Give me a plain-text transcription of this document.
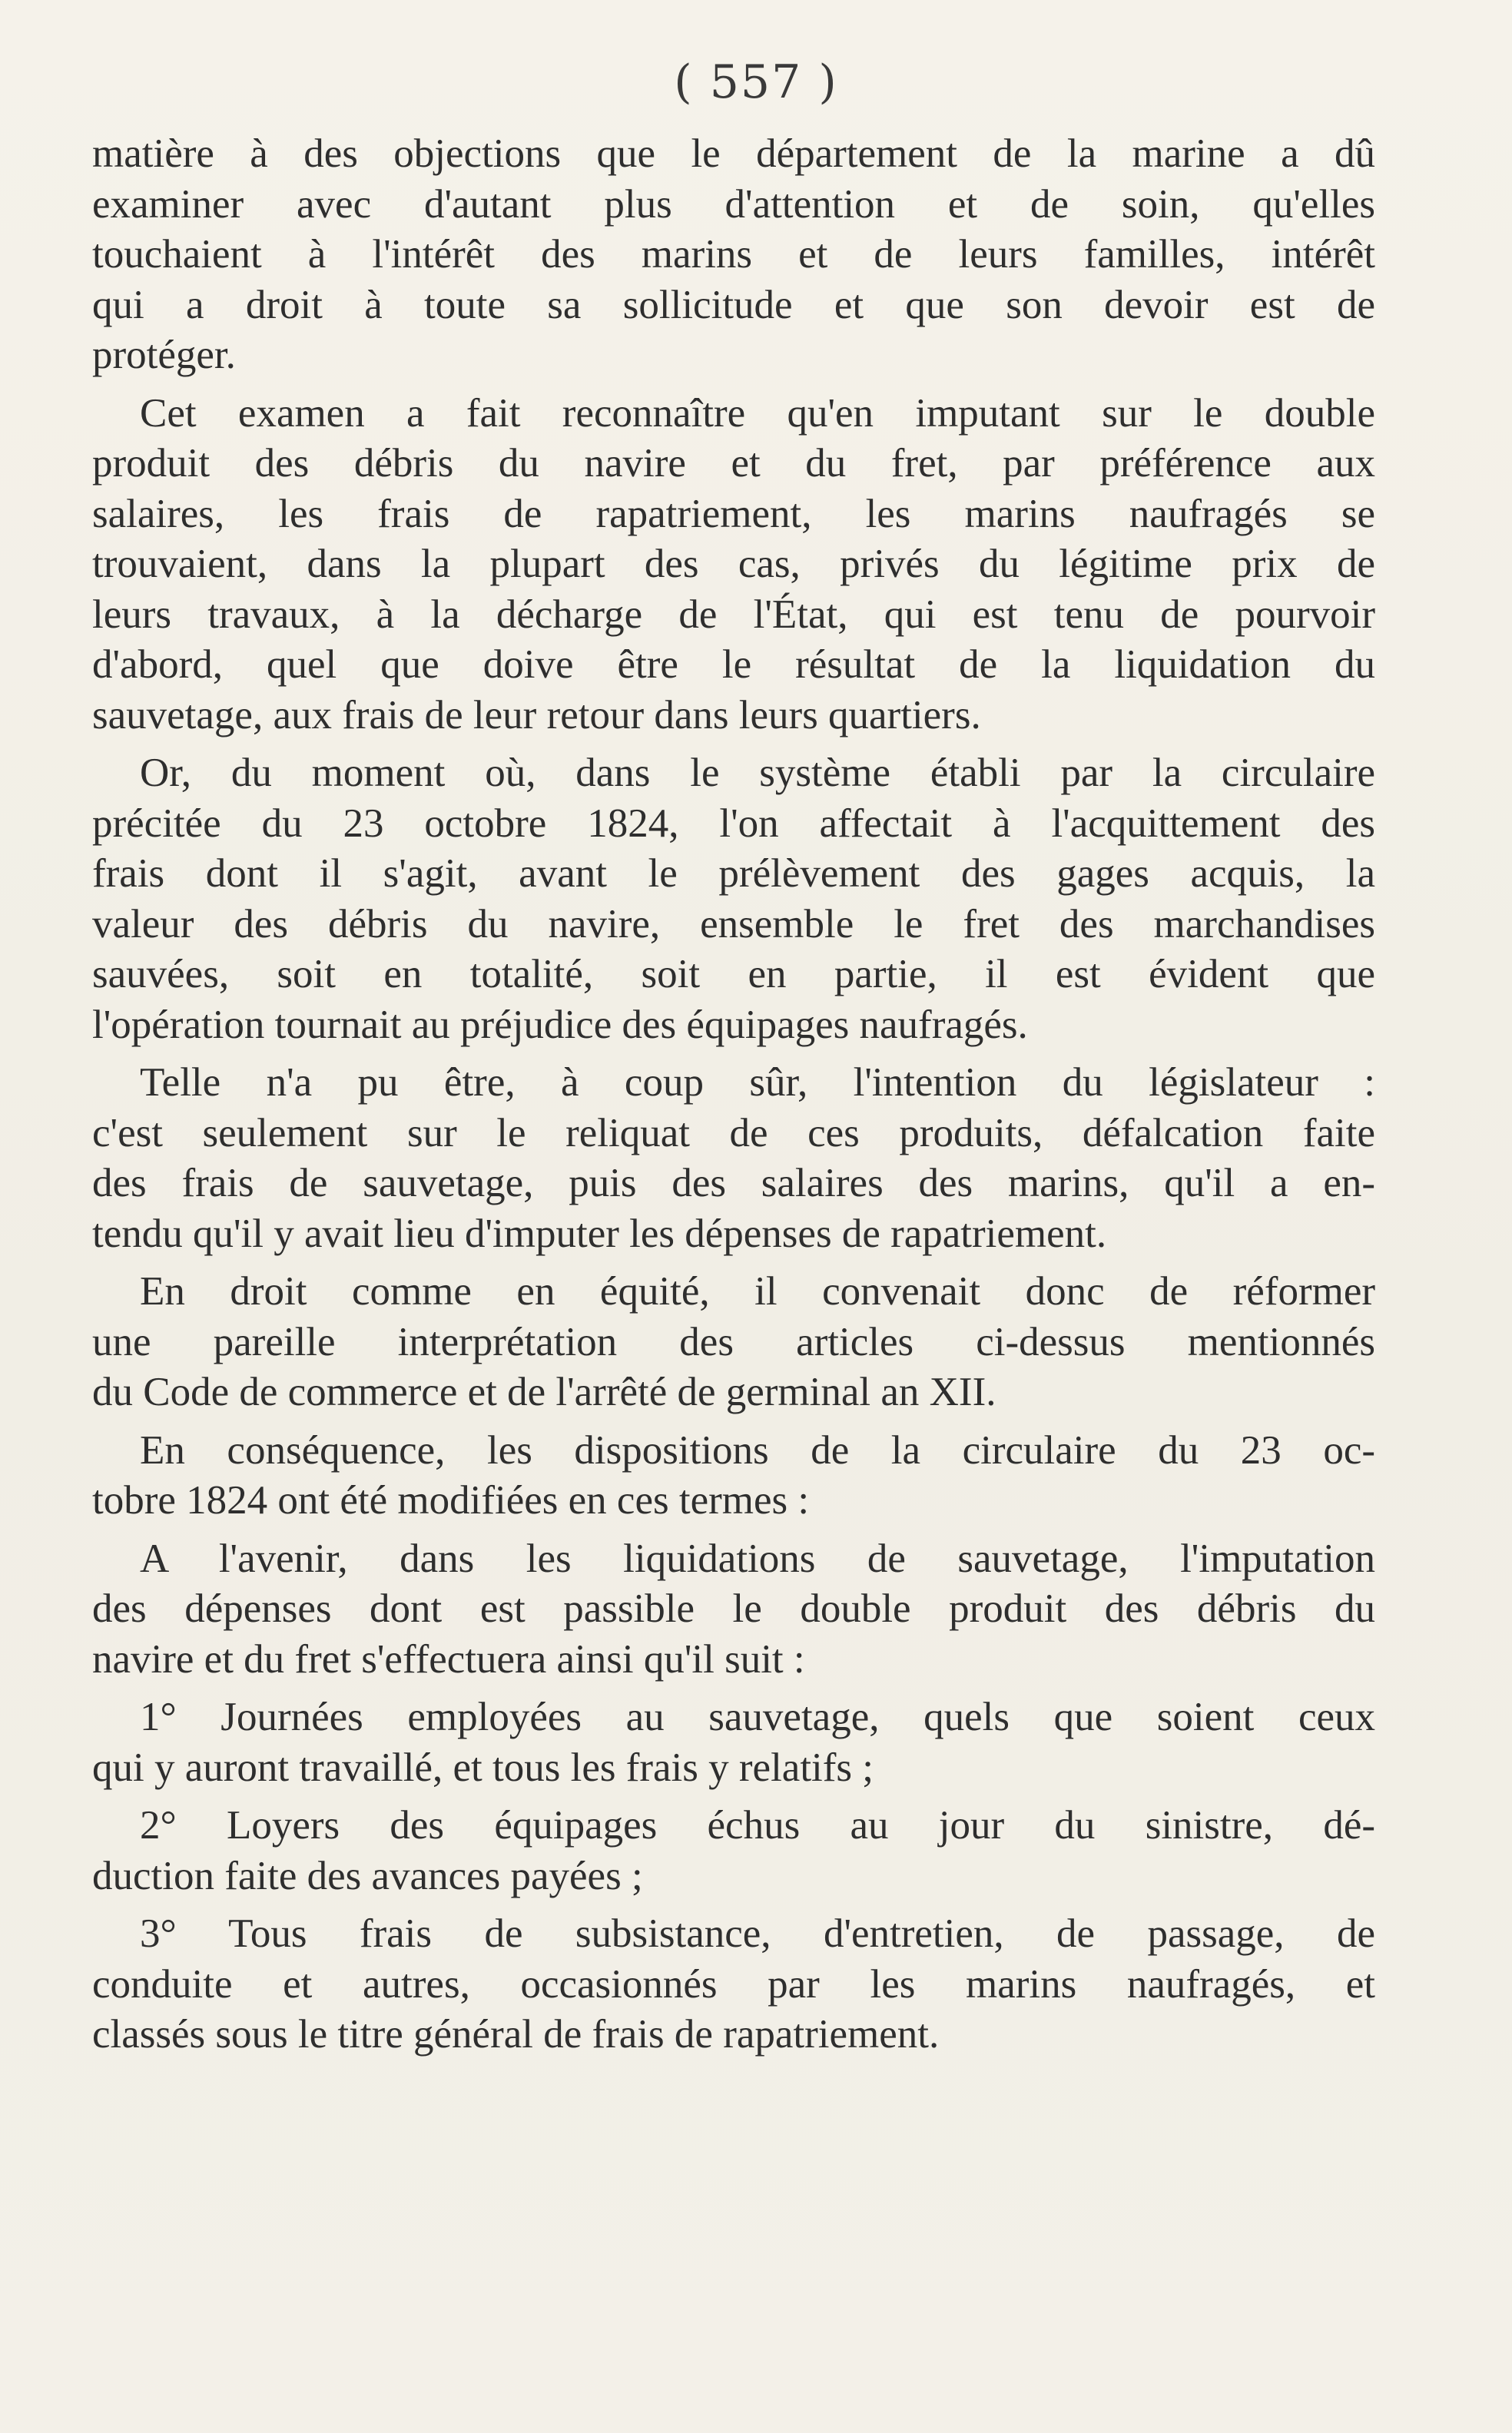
( 557 )

matière à des objections que le département de la marine a dû
examiner avec d'autant plus d'attention et de soin, qu'elles
touchaient à l'intérêt des marins et de leurs familles, intérêt
qui a droit à toute sa sollicitude et que son devoir est de
protéger.

Cet examen a fait reconnaître qu'en imputant sur le double
produit des débris du navire et du fret, par préférence aux
salaires, les frais de rapatriement, les marins naufragés se
trouvaient, dans la plupart des cas, privés du légitime prix de
leurs travaux, à la décharge de l'État, qui est tenu de pourvoir
d'abord, quel que doive être le résultat de la liquidation du
sauvetage, aux frais de leur retour dans leurs quartiers.

Or, du moment où, dans le système établi par la circulaire
précitée du 23 octobre 1824, l'on affectait à l'acquittement des
frais dont il s'agit, avant le prélèvement des gages acquis, la
valeur des débris du navire, ensemble le fret des marchandises
sauvées, soit en totalité, soit en partie, il est évident que
l'opération tournait au préjudice des équipages naufragés.

Telle n'a pu être, à coup sûr, l'intention du législateur :
c'est seulement sur le reliquat de ces produits, défalcation faite
des frais de sauvetage, puis des salaires des marins, qu'il a en-
tendu qu'il y avait lieu d'imputer les dépenses de rapatriement.

En droit comme en équité, il convenait donc de réformer
une pareille interprétation des articles ci-dessus mentionnés
du Code de commerce et de l'arrêté de germinal an XII.

En conséquence, les dispositions de la circulaire du 23 oc-
tobre 1824 ont été modifiées en ces termes :

A l'avenir, dans les liquidations de sauvetage, l'imputation
des dépenses dont est passible le double produit des débris du
navire et du fret s'effectuera ainsi qu'il suit :

1° Journées employées au sauvetage, quels que soient ceux
qui y auront travaillé, et tous les frais y relatifs ;

2° Loyers des équipages échus au jour du sinistre, dé-
duction faite des avances payées ;

3° Tous frais de subsistance, d'entretien, de passage, de
conduite et autres, occasionnés par les marins naufragés, et
classés sous le titre général de frais de rapatriement.
